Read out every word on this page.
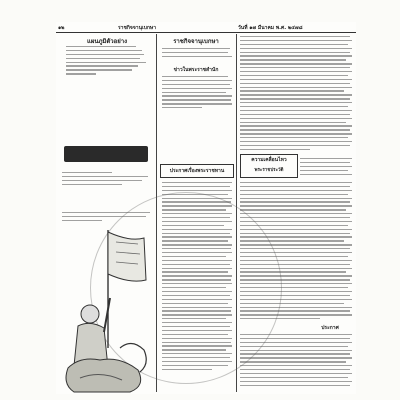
๑๒	ราชกิจจานุเบกษา	วันที่ ๑๗ มีนาคม พ.ศ. ๒๔๗๘
แผนภูมิตัวอย่าง	ราชกิจจานุเบกษา
ข่าวในพระราชสำนัก
ประกาศเรื่องพระราชทาน
ความเคลื่อนไหว
พระราชประวัติ
ประกาศ
